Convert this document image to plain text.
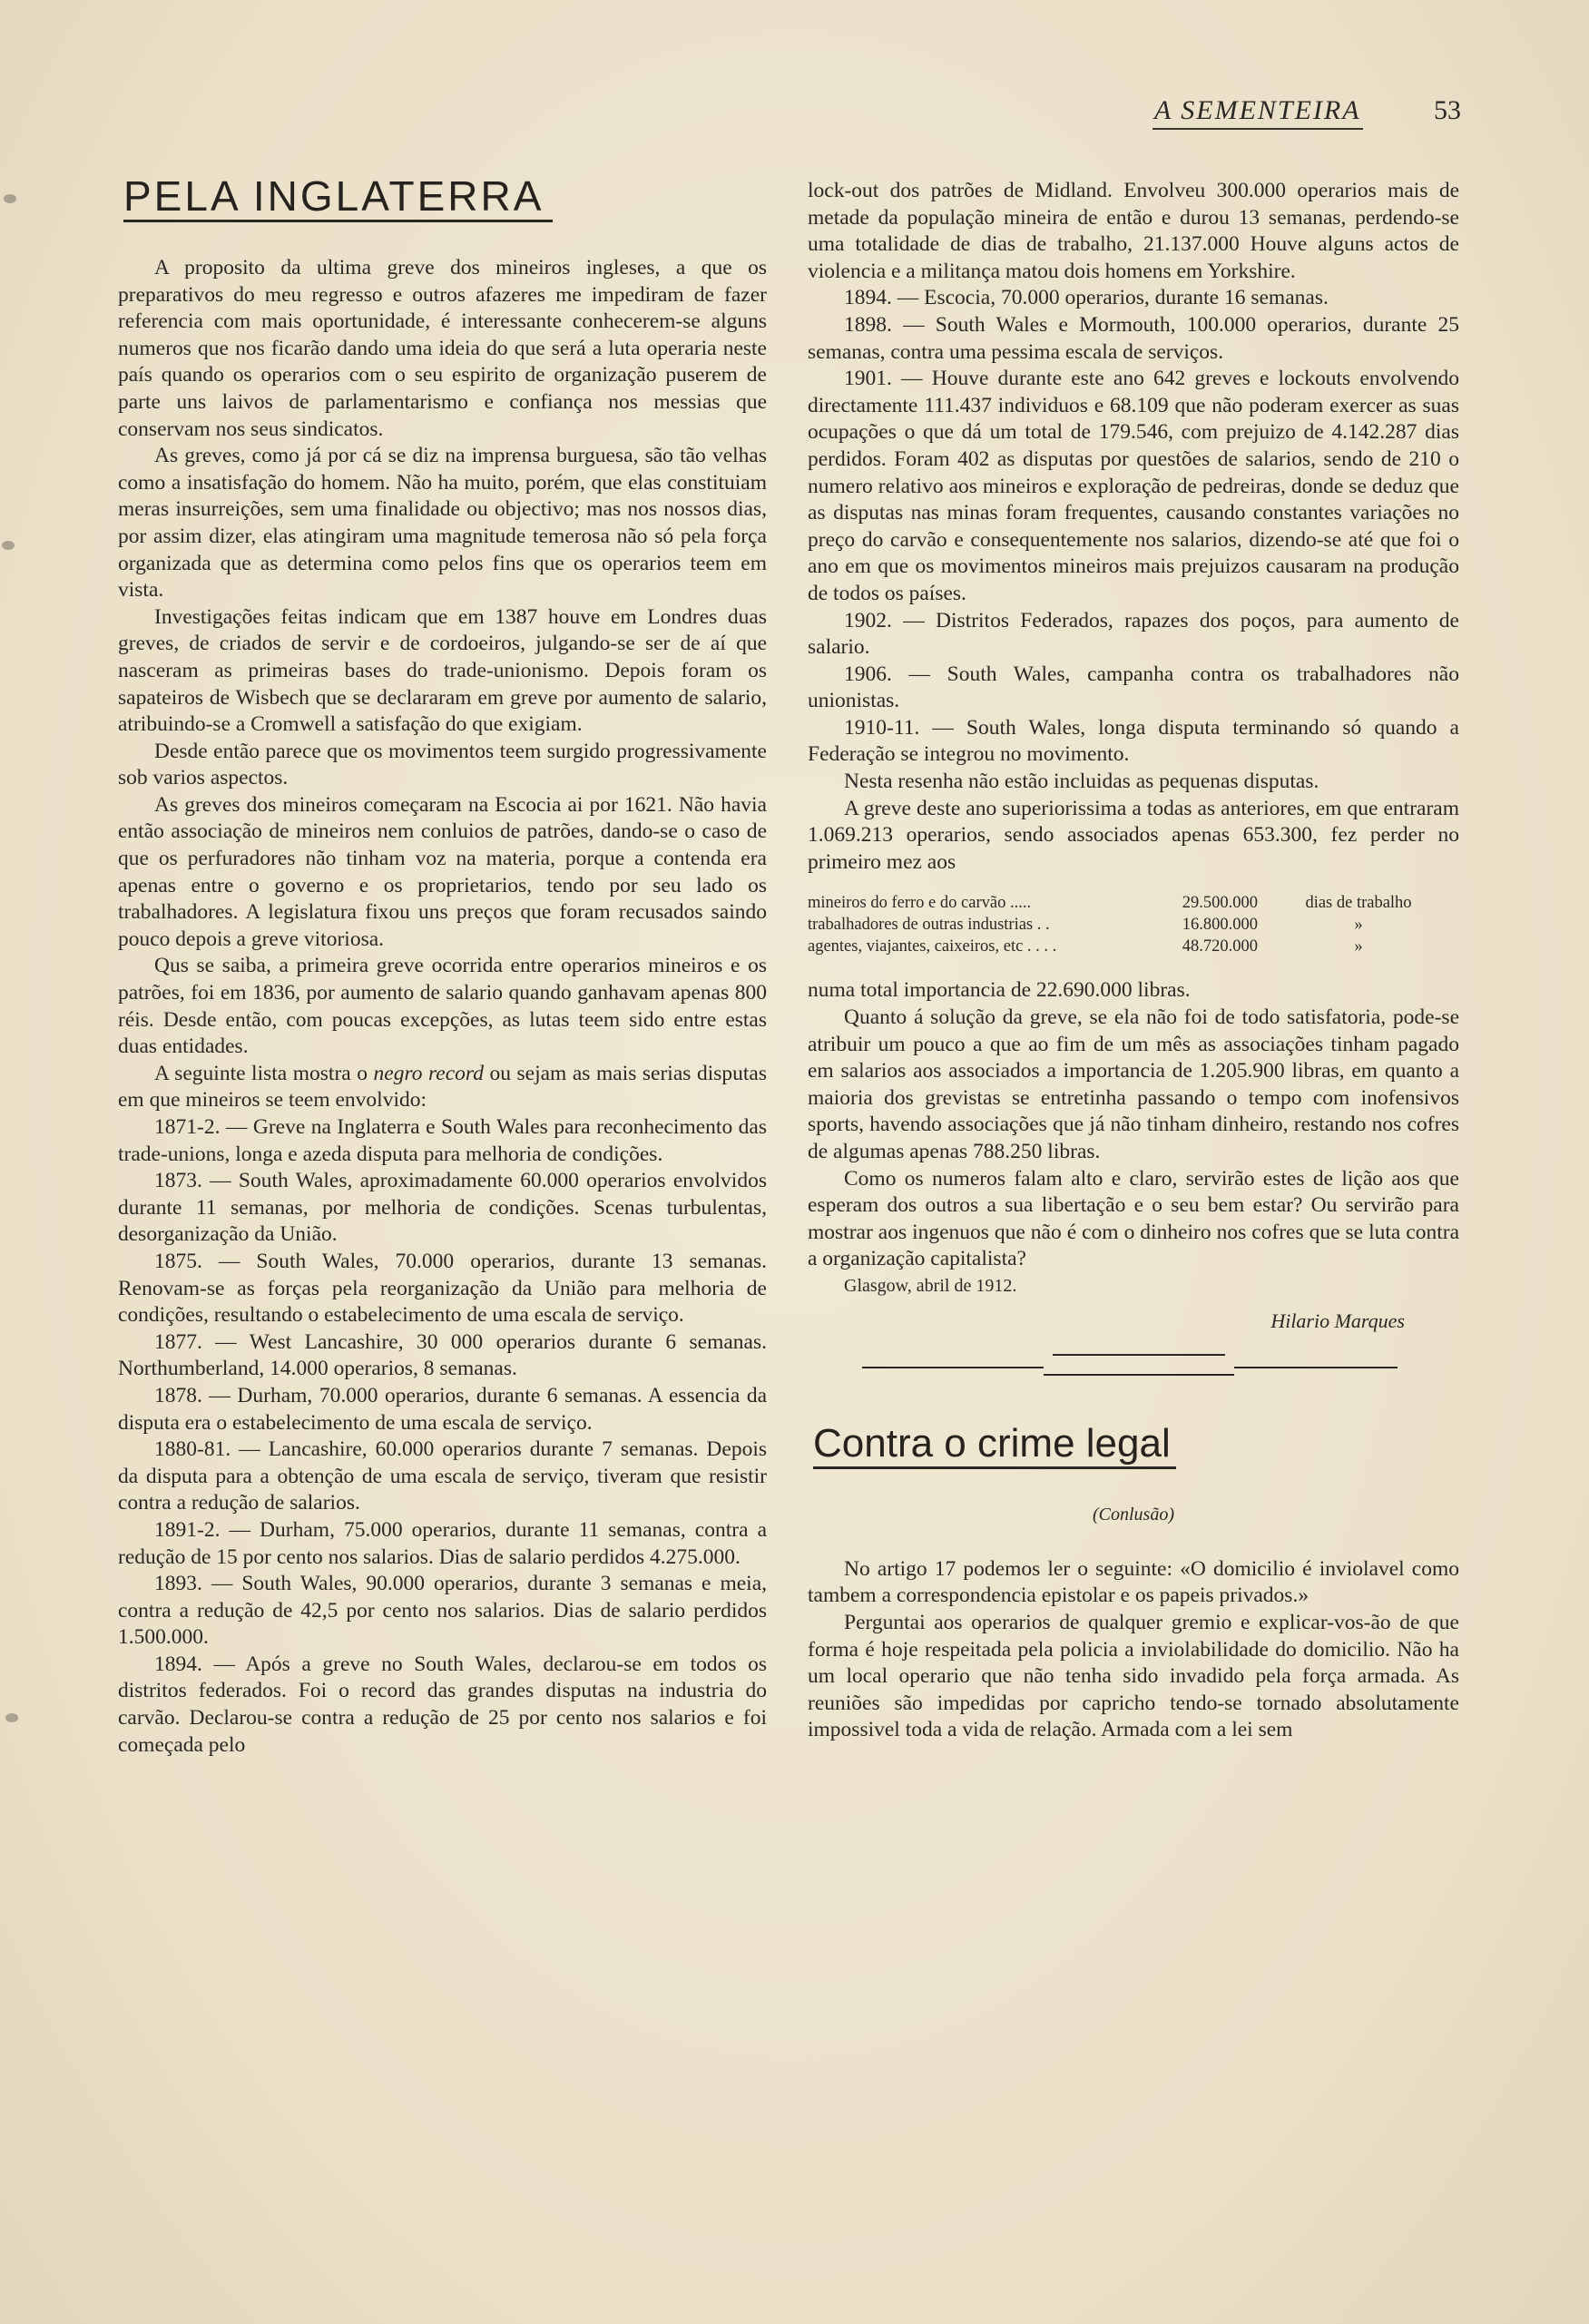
A SEMENTEIRA	53
PELA INGLATERRA

A proposito da ultima greve dos mineiros ingleses, a que os preparativos do meu regresso e outros afazeres me impediram de fazer referencia com mais oportunidade, é interessante conhecerem-se alguns numeros que nos ficarão dando uma ideia do que será a luta operaria neste país quando os operarios com o seu espirito de organização puserem de parte uns laivos de parlamentarismo e confiança nos messias que conservam nos seus sindicatos.

As greves, como já por cá se diz na imprensa burguesa, são tão velhas como a insatisfação do homem. Não ha muito, porém, que elas constituiam meras insurreições, sem uma finalidade ou objectivo; mas nos nossos dias, por assim dizer, elas atingiram uma magnitude temerosa não só pela força organizada que as determina como pelos fins que os operarios teem em vista.

Investigações feitas indicam que em 1387 houve em Londres duas greves, de criados de servir e de cordoeiros, julgando-se ser de aí que nasceram as primeiras bases do trade-unionismo. Depois foram os sapateiros de Wisbech que se declararam em greve por aumento de salario, atribuindo-se a Cromwell a satisfação do que exigiam.

Desde então parece que os movimentos teem surgido progressivamente sob varios aspectos.

As greves dos mineiros começaram na Escocia ai por 1621. Não havia então associação de mineiros nem conluios de patrões, dando-se o caso de que os perfuradores não tinham voz na materia, porque a contenda era apenas entre o governo e os proprietarios, tendo por seu lado os trabalhadores. A legislatura fixou uns preços que foram recusados saindo pouco depois a greve vitoriosa.

Qus se saiba, a primeira greve ocorrida entre operarios mineiros e os patrões, foi em 1836, por aumento de salario quando ganhavam apenas 800 réis. Desde então, com poucas excepções, as lutas teem sido entre estas duas entidades.

A seguinte lista mostra o negro record ou sejam as mais serias disputas em que mineiros se teem envolvido:

1871-2. — Greve na Inglaterra e South Wales para reconhecimento das trade-unions, longa e azeda disputa para melhoria de condições.

1873. — South Wales, aproximadamente 60.000 operarios envolvidos durante 11 semanas, por melhoria de condições. Scenas turbulentas, desorganização da União.

1875. — South Wales, 70.000 operarios, durante 13 semanas. Renovam-se as forças pela reorganização da União para melhoria de condições, resultando o estabelecimento de uma escala de serviço.

1877. — West Lancashire, 30 000 operarios durante 6 semanas. Northumberland, 14.000 operarios, 8 semanas.

1878. — Durham, 70.000 operarios, durante 6 semanas. A essencia da disputa era o estabelecimento de uma escala de serviço.

1880-81. — Lancashire, 60.000 operarios durante 7 semanas. Depois da disputa para a obtenção de uma escala de serviço, tiveram que resistir contra a redução de salarios.

1891-2. — Durham, 75.000 operarios, durante 11 semanas, contra a redução de 15 por cento nos salarios. Dias de salario perdidos 4.275.000.

1893. — South Wales, 90.000 operarios, durante 3 semanas e meia, contra a redução de 42,5 por cento nos salarios. Dias de salario perdidos 1.500.000.

1894. — Após a greve no South Wales, declarou-se em todos os distritos federados. Foi o record das grandes disputas na industria do carvão. Declarou-se contra a redução de 25 por cento nos salarios e foi começada pelo

lock-out dos patrões de Midland. Envolveu 300.000 operarios mais de metade da população mineira de então e durou 13 semanas, perdendo-se uma totalidade de dias de trabalho, 21.137.000 Houve alguns actos de violencia e a militança matou dois homens em Yorkshire.

1894. — Escocia, 70.000 operarios, durante 16 semanas.

1898. — South Wales e Mormouth, 100.000 operarios, durante 25 semanas, contra uma pessima escala de serviços.

1901. — Houve durante este ano 642 greves e lockouts envolvendo directamente 111.437 individuos e 68.109 que não poderam exercer as suas ocupações o que dá um total de 179.546, com prejuizo de 4.142.287 dias perdidos. Foram 402 as disputas por questões de salarios, sendo de 210 o numero relativo aos mineiros e exploração de pedreiras, donde se deduz que as disputas nas minas foram frequentes, causando constantes variações no preço do carvão e consequentemente nos salarios, dizendo-se até que foi o ano em que os movimentos mineiros mais prejuizos causaram na produção de todos os países.

1902. — Distritos Federados, rapazes dos poços, para aumento de salario.

1906. — South Wales, campanha contra os trabalhadores não unionistas.

1910-11. — South Wales, longa disputa terminando só quando a Federação se integrou no movimento.

Nesta resenha não estão incluidas as pequenas disputas.

A greve deste ano superiorissima a todas as anteriores, em que entraram 1.069.213 operarios, sendo associados apenas 653.300, fez perder no primeiro mez aos

mineiros do ferro e do carvão .....	29.500.000	dias de trabalho
trabalhadores de outras industrias . .	16.800.000	»
agentes, viajantes, caixeiros, etc . . . .	48.720.000	»

numa total importancia de 22.690.000 libras.

Quanto á solução da greve, se ela não foi de todo satisfatoria, pode-se atribuir um pouco a que ao fim de um mês as associações tinham pagado em salarios aos associados a importancia de 1.205.900 libras, em quanto a maioria dos grevistas se entretinha passando o tempo com inofensivos sports, havendo associações que já não tinham dinheiro, restando nos cofres de algumas apenas 788.250 libras.

Como os numeros falam alto e claro, servirão estes de lição aos que esperam dos outros a sua libertação e o seu bem estar? Ou servirão para mostrar aos ingenuos que não é com o dinheiro nos cofres que se luta contra a organização capitalista?

Glasgow, abril de 1912.

Hilario Marques
Contra o crime legal
(Conlusão)

No artigo 17 podemos ler o seguinte: «O domicilio é inviolavel como tambem a correspondencia epistolar e os papeis privados.»

Perguntai aos operarios de qualquer gremio e explicar-vos-ão de que forma é hoje respeitada pela policia a inviolabilidade do domicilio. Não ha um local operario que não tenha sido invadido pela força armada. As reuniões são impedidas por capricho tendo-se tornado absolutamente impossivel toda a vida de relação. Armada com a lei sem
